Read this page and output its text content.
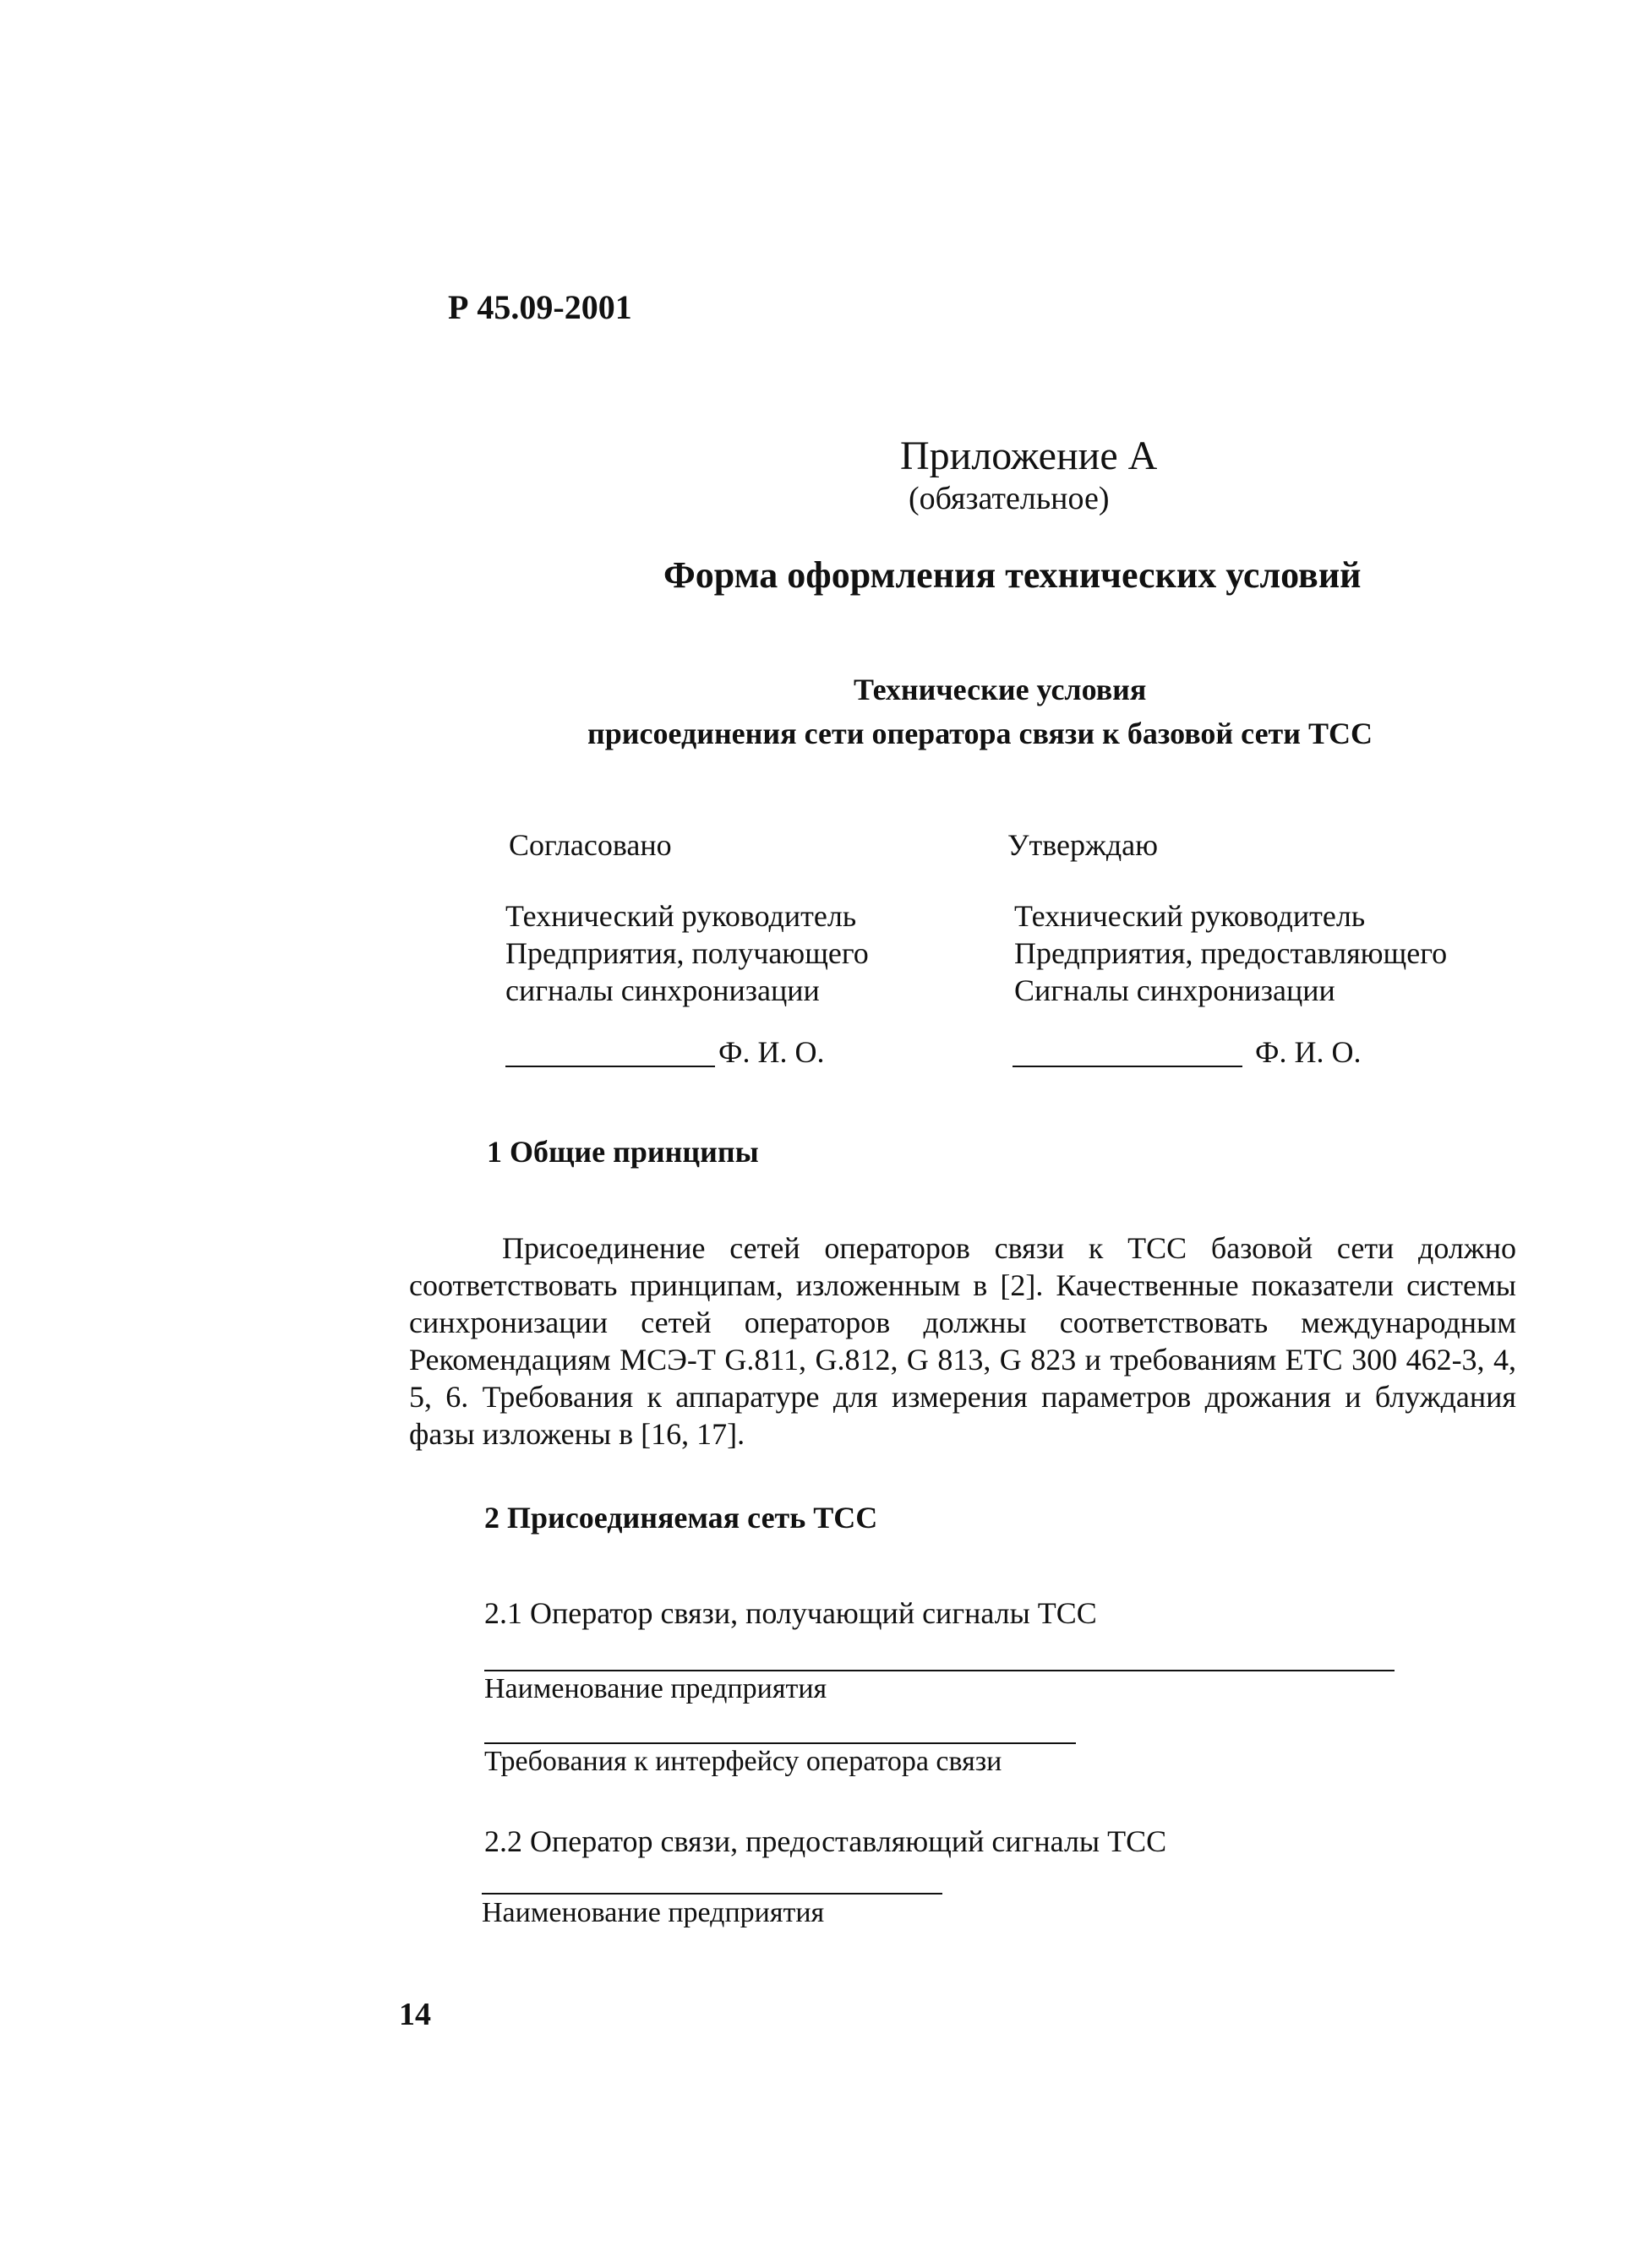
Р 45.09-2001
Приложение А
(обязательное)
Форма оформления технических условий
Технические условия
присоединения сети оператора связи к базовой сети ТСС
Согласовано	Утверждаю
Технический руководитель
Предприятия, получающего
сигналы синхронизации
Технический руководитель
Предприятия, предоставляющего
Сигналы синхронизации
Ф. И. О.	Ф. И. О.
1 Общие принципы
Присоединение сетей операторов связи к ТСС базовой сети должно соответствовать принципам, изложенным в [2]. Качественные показатели системы синхронизации сетей операторов должны соответствовать международным Рекомендациям МСЭ-Т G.811, G.812, G 813, G 823 и требованиям ЕТС 300 462-3, 4, 5, 6. Требования к аппаратуре для измерения параметров дрожания и блуждания фазы изложены в [16, 17].
2 Присоединяемая сеть ТСС
2.1 Оператор связи, получающий сигналы ТСС
Наименование предприятия
Требования к интерфейсу оператора связи
2.2 Оператор связи, предоставляющий сигналы ТСС
Наименование предприятия
14
